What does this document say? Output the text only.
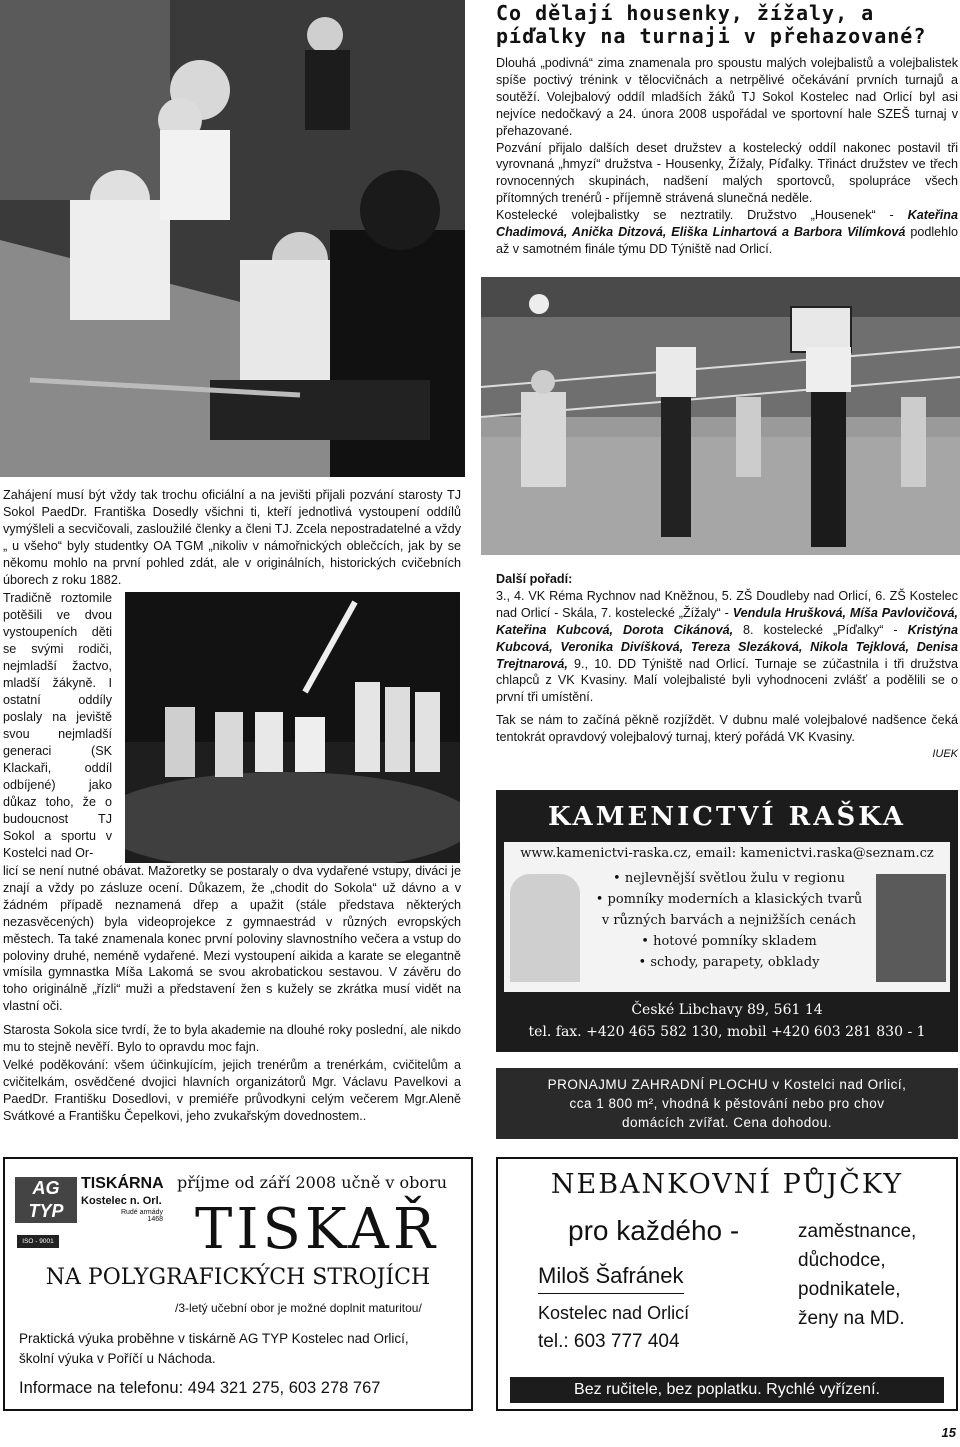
Co dělají housenky, žížaly, a píďalky na turnaji v přehazované?

Dlouhá „podivná“ zima znamenala pro spoustu malých volejbalistů a volejbalistek spíše poctivý trénink v tělocvičnách a netrpělivé očekávání prvních turnajů a soutěží. Volejbalový oddíl mladších žáků TJ Sokol Kostelec nad Orlicí byl asi nejvíce nedočkavý a 24. února 2008 uspořádal ve sportovní hale SZEŠ turnaj v přehazované.

Pozvání přijalo dalších deset družstev a kostelecký oddíl nakonec postavil tři vyrovnaná „hmyzí“ družstva - Housenky, Žížaly, Píďalky. Třináct družstev ve třech rovnocenných skupinách, nadšení malých sportovců, spolupráce všech přítomných trenérů - příjemně strávená slunečná neděle.

Kostelecké volejbalistky se neztratily. Družstvo „Housenek“ - Kateřina Chadimová, Anička Ditzová, Eliška Linhartová a Barbora Vilímková podlehlo až v samotném finále týmu DD Týniště nad Orlicí.

Další pořadí:

3., 4. VK Réma Rychnov nad Kněžnou, 5. ZŠ Doudleby nad Orlicí, 6. ZŠ Kostelec nad Orlicí - Skála, 7. kostelecké „Žížaly“ - Vendula Hrušková, Míša Pavlovičová, Kateřina Kubcová, Dorota Cikánová, 8. kostelecké „Píďalky“ - Kristýna Kubcová, Veronika Divíšková, Tereza Slezáková, Nikola Tejklová, Denisa Trejtnarová, 9., 10. DD Týniště nad Orlicí. Turnaje se zúčastnila i tři družstva chlapců z VK Kvasiny. Malí volejbalisté byli vyhodnoceni zvlášť a podělili se o první tři umístění.

Tak se nám to začíná pěkně rozjíždět. V dubnu malé volejbalové nadšence čeká tentokrát opravdový volejbalový turnaj, který pořádá VK Kvasiny.

IUEK

Zahájení musí být vždy tak trochu oficiální a na jevišti přijali pozvání starosty TJ Sokol PaedDr. Františka Dosedly všichni ti, kteří jednotlivá vystoupení oddílů vymýšleli a secvičovali, zasloužilé členky a členi TJ. Zcela nepostradatelné a vždy „ u všeho“ byly studentky OA TGM „nikoliv v námořnických oblečcích, jak by se někomu mohlo na první pohled zdát, ale v originálních, historických cvičebních úborech z roku 1882.
Tradičně roztomile potěšili ve dvou vystoupeních děti se svými rodiči, nejmladší žactvo, mladší žákyně. I ostatní oddíly poslaly na jeviště svou nejmladší generaci (SK Klackaři, oddíl odbíjené) jako důkaz toho, že o budoucnost TJ Sokol a sportu v Kostelci nad Or-
licí se není nutné obávat. Mažoretky se postaraly o dva vydařené vstupy, diváci je znají a vždy po zásluze ocení. Důkazem, že „chodit do Sokola“ už dávno a v žádném případě neznamená dřep a upažit (stále představa některých nezasvěcených) byla videoprojekce z gymnaestrád v různých evropských městech. Ta také znamenala konec první poloviny slavnostního večera a vstup do poloviny druhé, neméně vydařené. Mezi vystoupení aikida a karate se elegantně vmísila gymnastka Míša Lakomá se svou akrobatickou sestavou. V závěru do toho originálně „řízli“ muži a představení žen s kužely se zkrátka musí vidět na vlastní oči.
Starosta Sokola sice tvrdí, že to byla akademie na dlouhé roky poslední, ale nikdo mu to stejně nevěří. Bylo to opravdu moc fajn.
Velké poděkování: všem účinkujícím, jejich trenérům a trenérkám, cvičitelům a cvičitelkám, osvědčené dvojici hlavních organizátorů Mgr. Václavu Pavelkovi a PaedDr. Františku Dosedlovi, v premiéře průvodkyni celým večerem Mgr.Aleně Svátkové a Františku Čepelkovi, jeho zvukařským dovednostem..
KAMENICTVÍ RAŠKA
www.kamenictvi-raska.cz, email: kamenictvi.raska@seznam.cz
• nejlevnější světlou žulu v regionu
• pomníky moderních a klasických tvarů
v různých barvách a nejnižších cenách
• hotové pomníky skladem
• schody, parapety, obklady
České Libchavy 89, 561 14
tel. fax. +420 465 582 130, mobil +420 603 281 830 - 1
PRONAJMU ZAHRADNÍ PLOCHU v Kostelci nad Orlicí,
cca 1 800 m², vhodná k pěstování nebo pro chov
domácích zvířat. Cena dohodou.
AG TYP
TISKÁRNA
Kostelec n. Orl.
Rudé armády 1468
ISO - 9001
příjme od září 2008 učně v oboru
TISKAŘ
NA POLYGRAFICKÝCH STROJÍCH
/3-letý učební obor je možné doplnit maturitou/
Praktická výuka proběhne v tiskárně AG TYP Kostelec nad Orlicí,
školní výuka v Poříčí u Náchoda.
Informace na telefonu: 494 321 275, 603 278 767
NEBANKOVNÍ PŮJČKY
pro každého -	zaměstnance,
důchodce,
podnikatele,
ženy na MD.
Miloš Šafránek
Kostelec nad Orlicí
tel.: 603 777 404
Bez ručitele, bez poplatku. Rychlé vyřízení.
15
